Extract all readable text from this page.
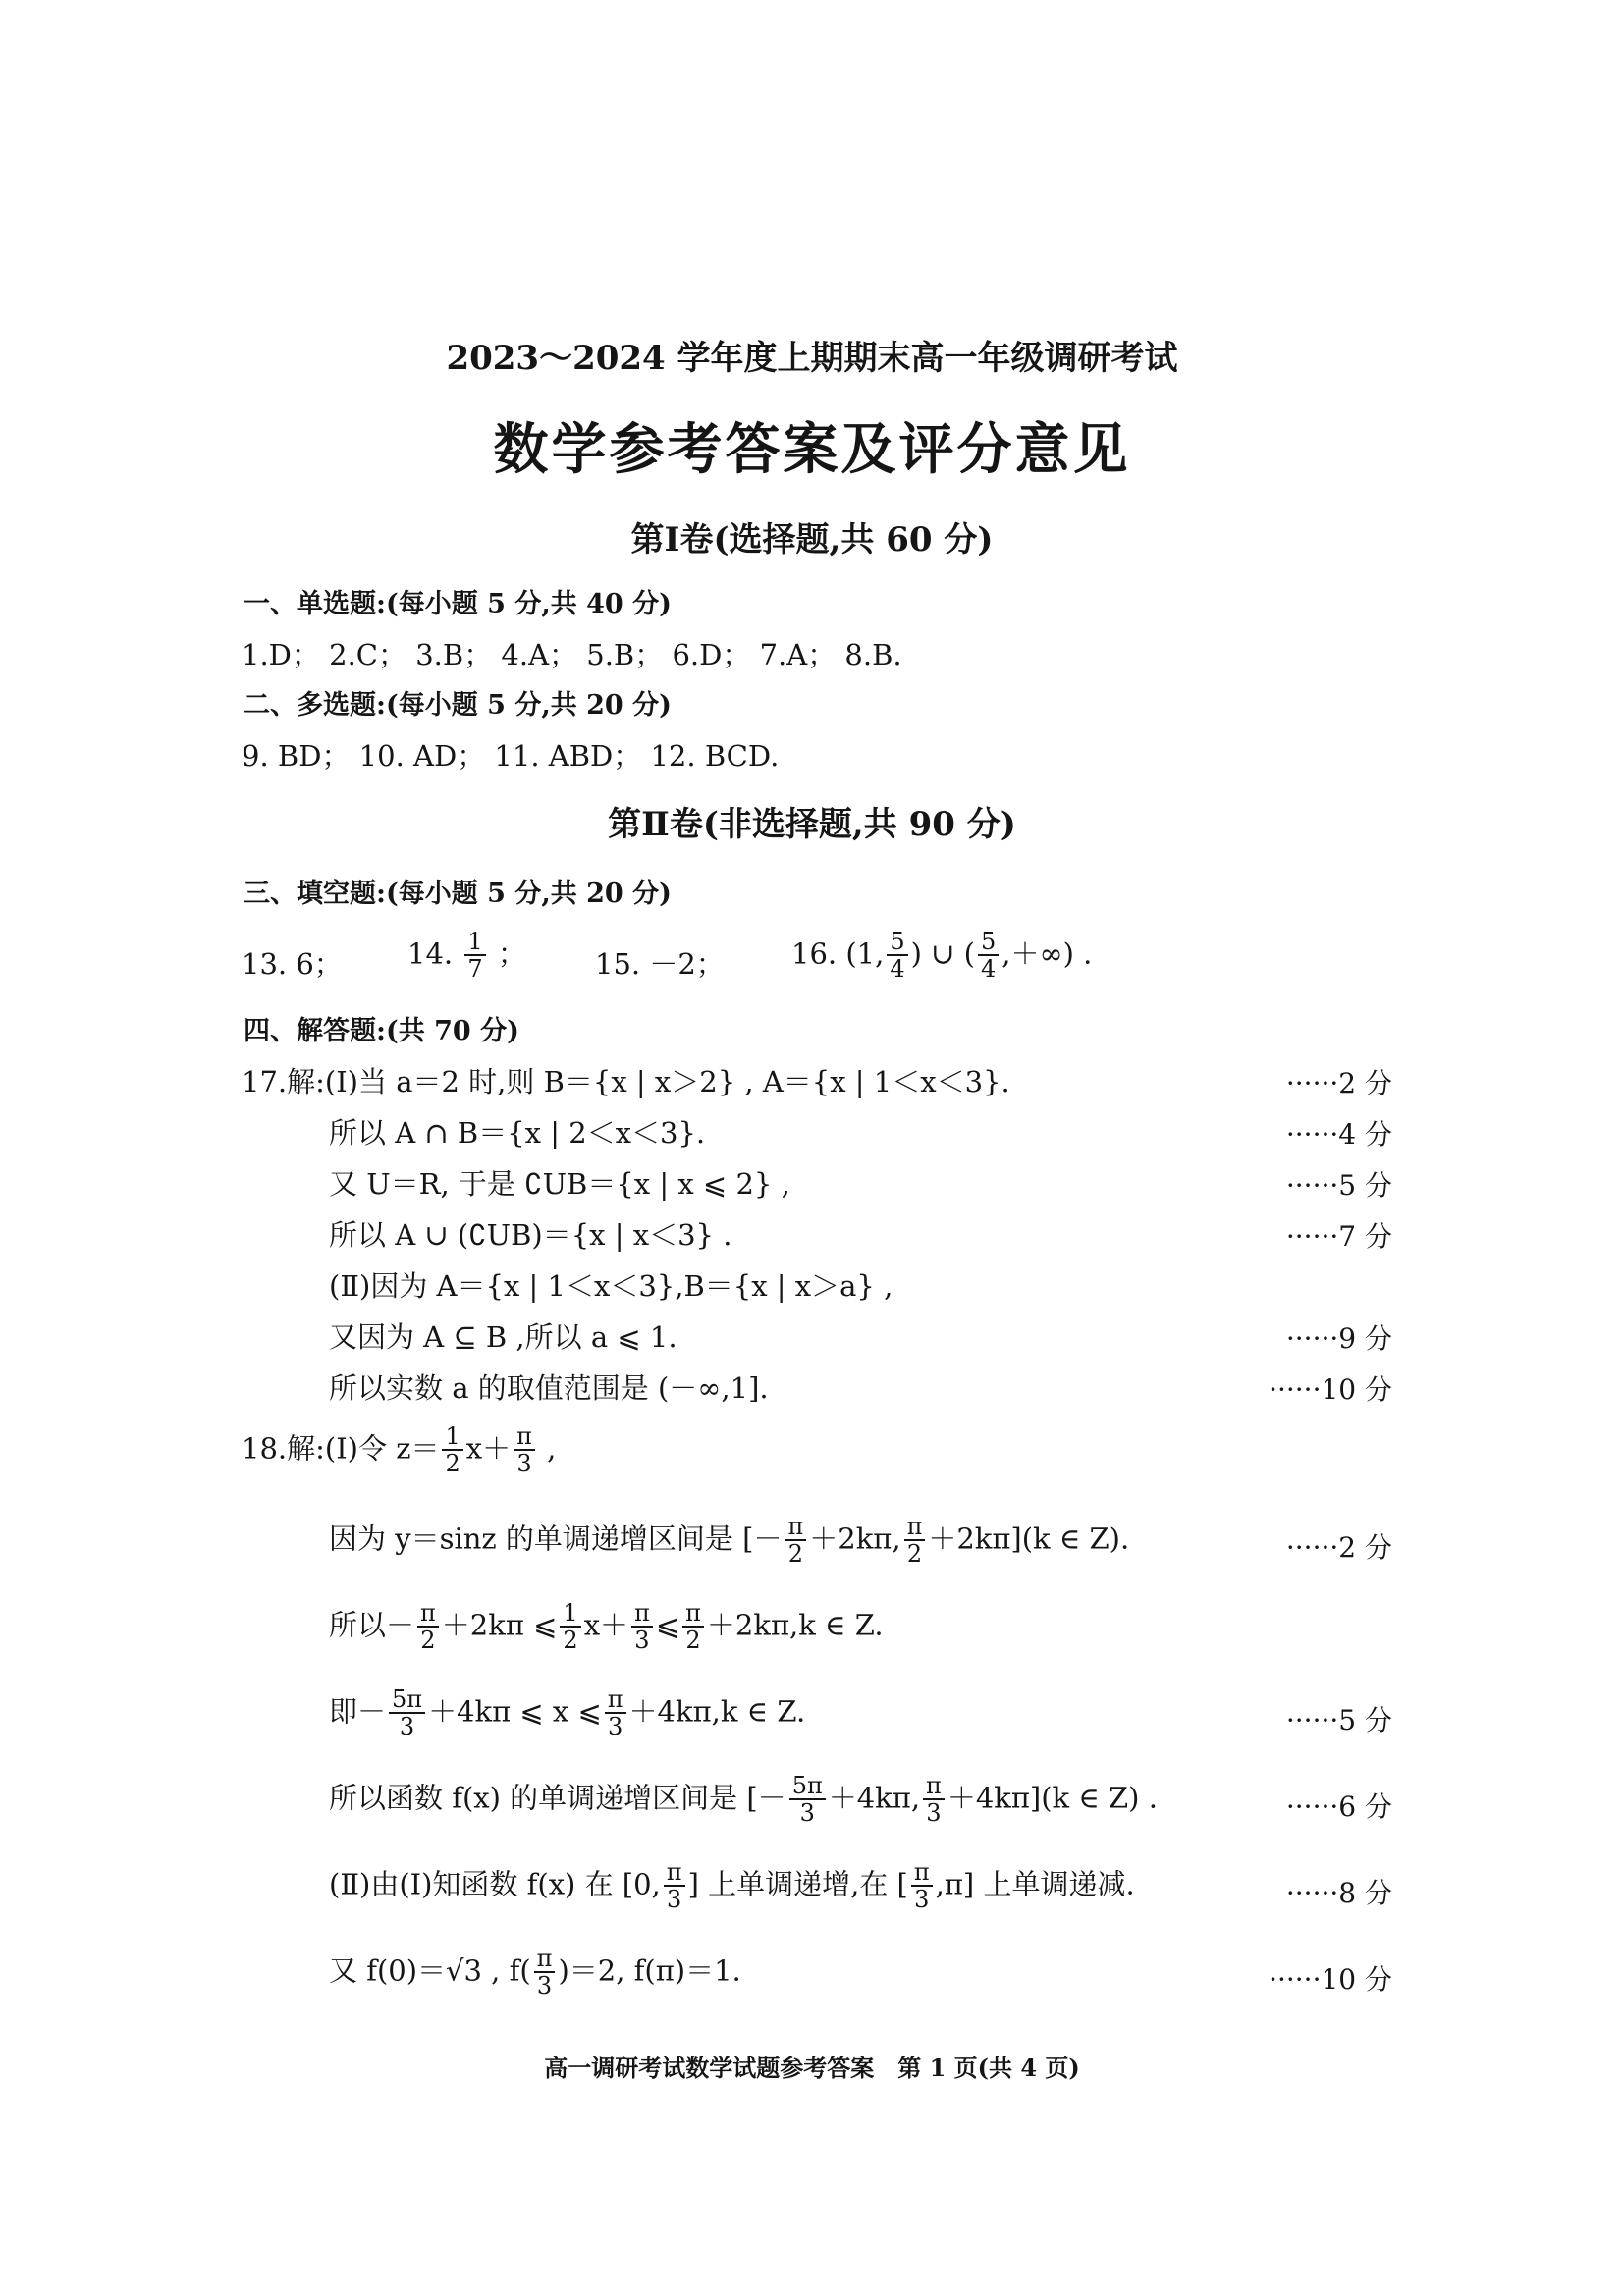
2023～2024 学年度上期期末高一年级调研考试
数学参考答案及评分意见
第Ⅰ卷(选择题,共 60 分)
一、单选题:(每小题 5 分,共 40 分)
1.D； 2.C； 3.B； 4.A； 5.B； 6.D； 7.A； 8.B.
二、多选题:(每小题 5 分,共 20 分)
9. BD； 10. AD； 11. ABD； 12. BCD.
第Ⅱ卷(非选择题,共 90 分)
三、填空题:(每小题 5 分,共 20 分)
13. 6； 14. $\frac{1}{7}$ ； 15. －2； 16. (1, $\frac{5}{4}$ ) ∪ ( $\frac{5}{4}$ ,＋∞) .
四、解答题:(共 70 分)
17.解:(Ⅰ)当 a＝2 时,则 B＝{x | x＞2} , A＝{x | 1＜x＜3}.	······2 分
所以 A ∩ B＝{x | 2＜x＜3}.	······4 分
又 U＝R, 于是 ∁UB＝{x | x ⩽ 2} ,	······5 分
所以 A ∪ (∁UB)＝{x | x＜3} .	······7 分
(Ⅱ)因为 A＝{x | 1＜x＜3},B＝{x | x＞a} ,
又因为 A ⊆ B ,所以 a ⩽ 1.	······9 分
所以实数 a 的取值范围是 (－∞,1].	······10 分
18.解:(Ⅰ)令 $z= \frac{1}{2} x+ \frac{\pi}{3}$ ,
因为 y＝sinz 的单调递增区间是 [－ $\frac{\pi}{2} +2k\pi$, $\frac{\pi}{2} +2k\pi](k$ ∈ Z).	······2 分
所以－ $\frac{\pi}{2} +2k\pi$ ⩽ $\frac{1}{2} x+ \frac{\pi}{3}$ ⩽ $\frac{\pi}{2} +2k\pi,k$ ∈ Z.
即－ $\frac{5\pi}{3} +4k\pi$ ⩽ x ⩽ $\frac{\pi}{3} +4k\pi,k$ ∈ Z.	······5 分
所以函数 f(x) 的单调递增区间是 [－ $\frac{5\pi}{3} +4k\pi$, $\frac{\pi}{3} +4k\pi](k$ ∈ Z) .	······6 分
(Ⅱ)由(Ⅰ)知函数 f(x) 在 [0, $\frac{\pi}{3}$ ] 上单调递增,在 [ $\frac{\pi}{3} ,\pi$] 上单调递减.	······8 分
又 f(0)＝√3 , $f( \frac{\pi}{3} )=2$, f(π)＝1.	······10 分
高一调研考试数学试题参考答案　第 1 页(共 4 页)
